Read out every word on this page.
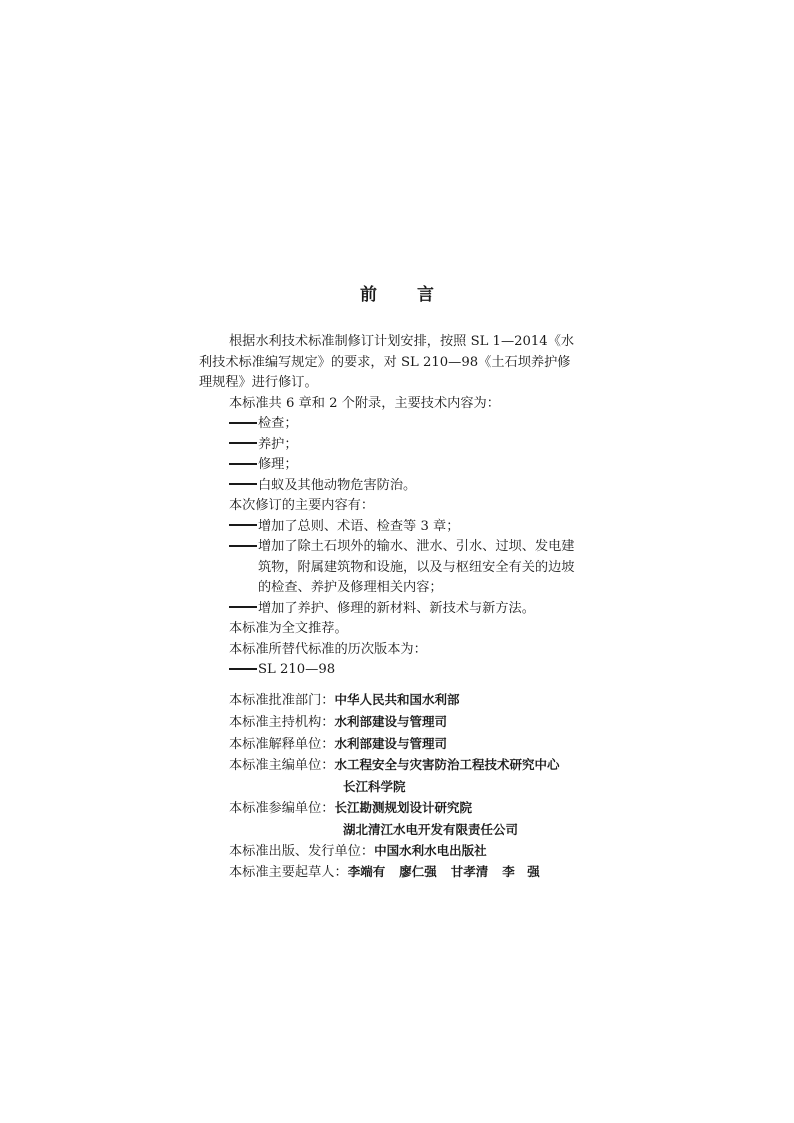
前 言

根据水利技术标准制修订计划安排，按照 SL 1—2014《水

利技术标准编写规定》的要求，对 SL 210—98《土石坝养护修

理规程》进行修订。

本标准共 6 章和 2 个附录，主要技术内容为：

检查；

养护；

修理；

白蚁及其他动物危害防治。

本次修订的主要内容有：

增加了总则、术语、检查等 3 章；

增加了除土石坝外的输水、泄水、引水、过坝、发电建

筑物，附属建筑物和设施，以及与枢纽安全有关的边坡

的检查、养护及修理相关内容；

增加了养护、修理的新材料、新技术与新方法。

本标准为全文推荐。

本标准所替代标准的历次版本为：

SL 210—98

本标准批准部门：中华人民共和国水利部
本标准主持机构：水利部建设与管理司
本标准解释单位：水利部建设与管理司
本标准主编单位：水工程安全与灾害防治工程技术研究中心
长江科学院
本标准参编单位：长江勘测规划设计研究院
湖北清江水电开发有限责任公司
本标准出版、发行单位：中国水利水电出版社
本标准主要起草人：李端有 廖仁强 甘孝清 李　强
